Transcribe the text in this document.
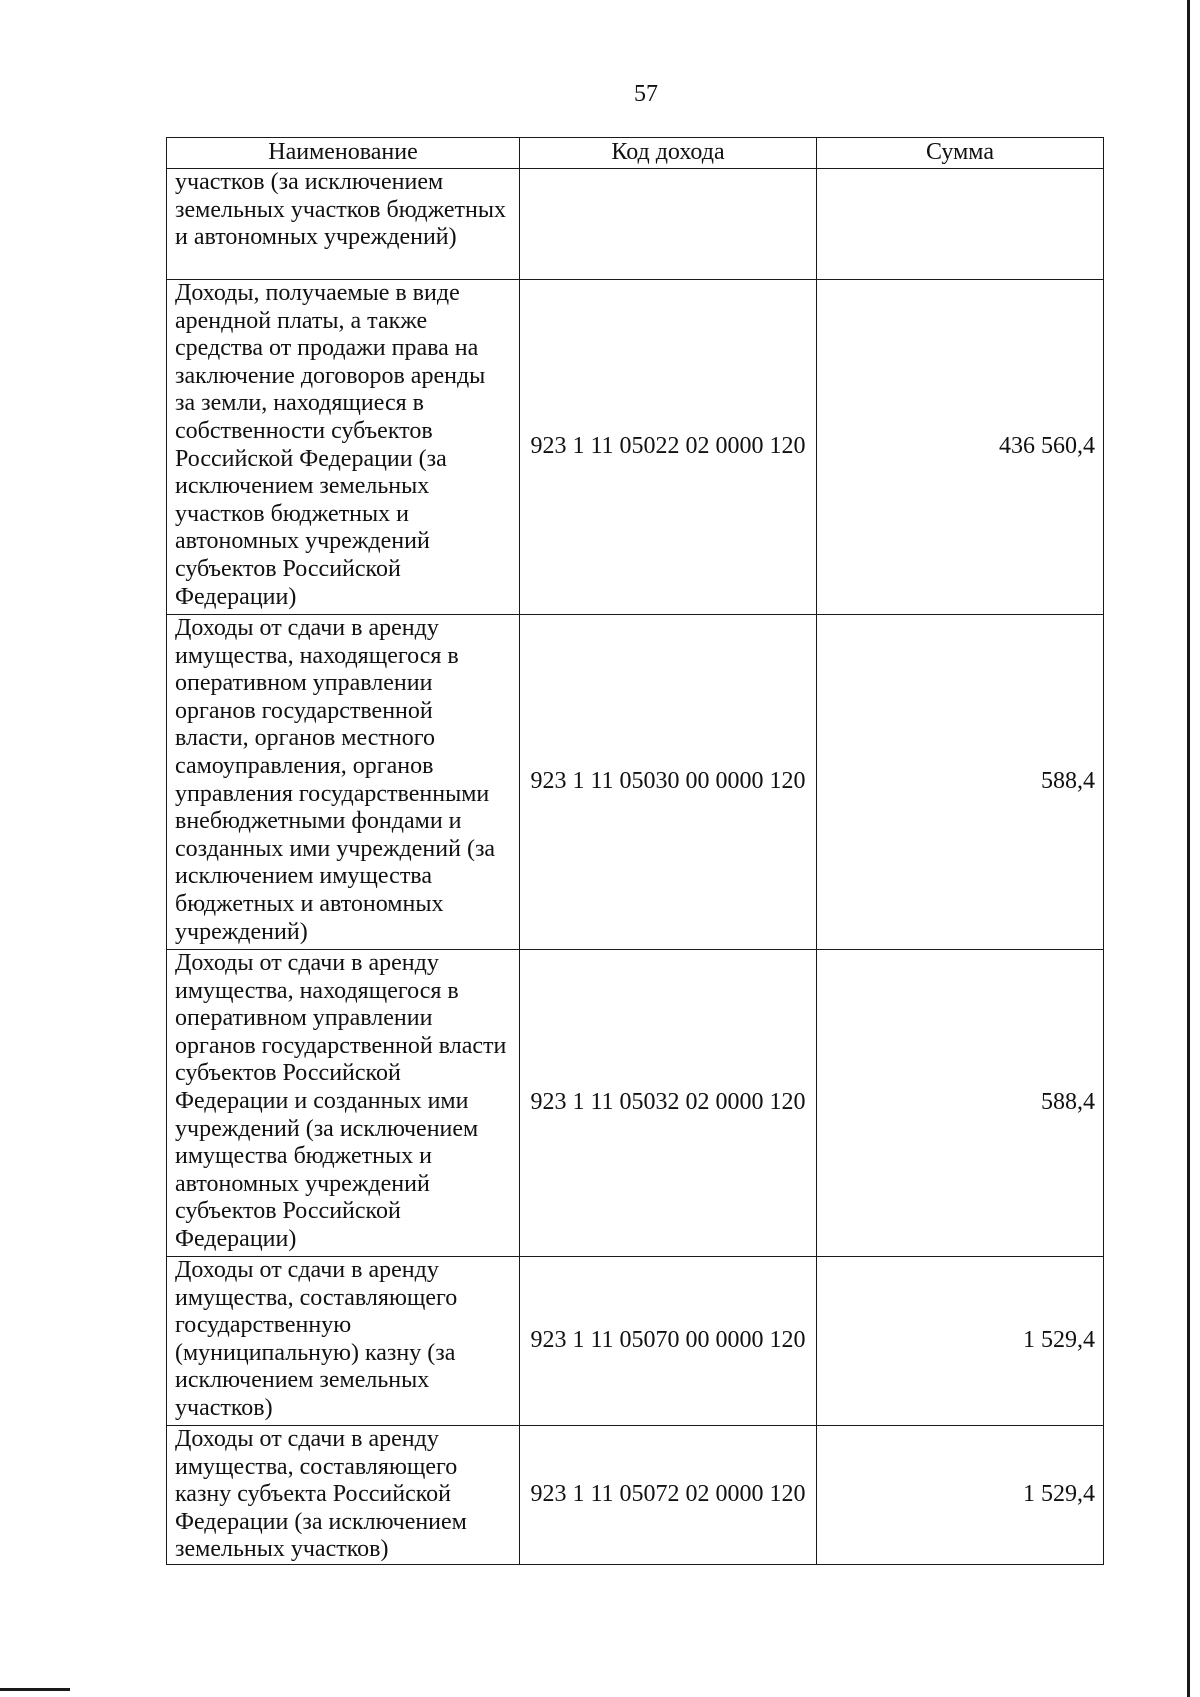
57
Наименование	Код дохода	Сумма
участков (за исключением земельных участков бюджетных и автономных учреждений)		
Доходы, получаемые в виде арендной платы, а также средства от продажи права на заключение договоров аренды за земли, находящиеся в собственности субъектов Российской Федерации (за исключением земельных участков бюджетных и автономных учреждений субъектов Российской Федерации)	923 1 11 05022 02 0000 120	436 560,4
Доходы от сдачи в аренду имущества, находящегося в оперативном управлении органов государственной власти, органов местного самоуправления, органов управления государственными внебюджетными фондами и созданных ими учреждений (за исключением имущества бюджетных и автономных учреждений)	923 1 11 05030 00 0000 120	588,4
Доходы от сдачи в аренду имущества, находящегося в оперативном управлении органов государственной власти субъектов Российской Федерации и созданных ими учреждений (за исключением имущества бюджетных и автономных учреждений субъектов Российской Федерации)	923 1 11 05032 02 0000 120	588,4
Доходы от сдачи в аренду имущества, составляющего государственную (муниципальную) казну (за исключением земельных участков)	923 1 11 05070 00 0000 120	1 529,4
Доходы от сдачи в аренду имущества, составляющего казну субъекта Российской Федерации (за исключением земельных участков)	923 1 11 05072 02 0000 120	1 529,4
